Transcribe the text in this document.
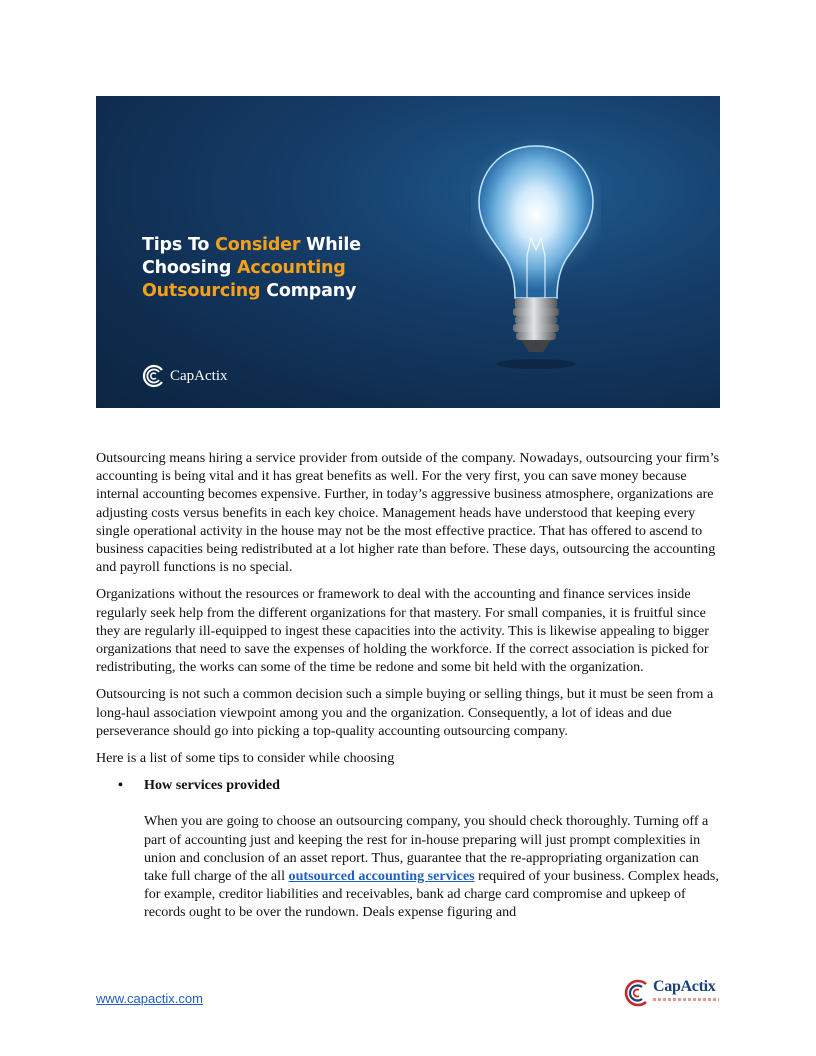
Tips To Consider While
Choosing Accounting
Outsourcing Company
CapActix

Outsourcing means hiring a service provider from outside of the company. Nowadays, outsourcing your firm’s accounting is being vital and it has great benefits as well. For the very first, you can save money because internal accounting becomes expensive. Further, in today’s aggressive business atmosphere, organizations are adjusting costs versus benefits in each key choice. Management heads have understood that keeping every single operational activity in the house may not be the most effective practice. That has offered to ascend to business capacities being redistributed at a lot higher rate than before. These days, outsourcing the accounting and payroll functions is no special.

Organizations without the resources or framework to deal with the accounting and finance services inside regularly seek help from the different organizations for that mastery. For small companies, it is fruitful since they are regularly ill-equipped to ingest these capacities into the activity. This is likewise appealing to bigger organizations that need to save the expenses of holding the workforce. If the correct association is picked for redistributing, the works can some of the time be redone and some bit held with the organization.

Outsourcing is not such a common decision such a simple buying or selling things, but it must be seen from a long-haul association viewpoint among you and the organization. Consequently, a lot of ideas and due perseverance should go into picking a top-quality accounting outsourcing company.

Here is a list of some tips to consider while choosing

• How services provided

When you are going to choose an outsourcing company, you should check thoroughly. Turning off a part of accounting just and keeping the rest for in-house preparing will just prompt complexities in union and conclusion of an asset report. Thus, guarantee that the re-appropriating organization can take full charge of the all outsourced accounting services required of your business. Complex heads, for example, creditor liabilities and receivables, bank ad charge card compromise and upkeep of records ought to be over the rundown. Deals expense figuring and

www.capactix.com
CapActix
